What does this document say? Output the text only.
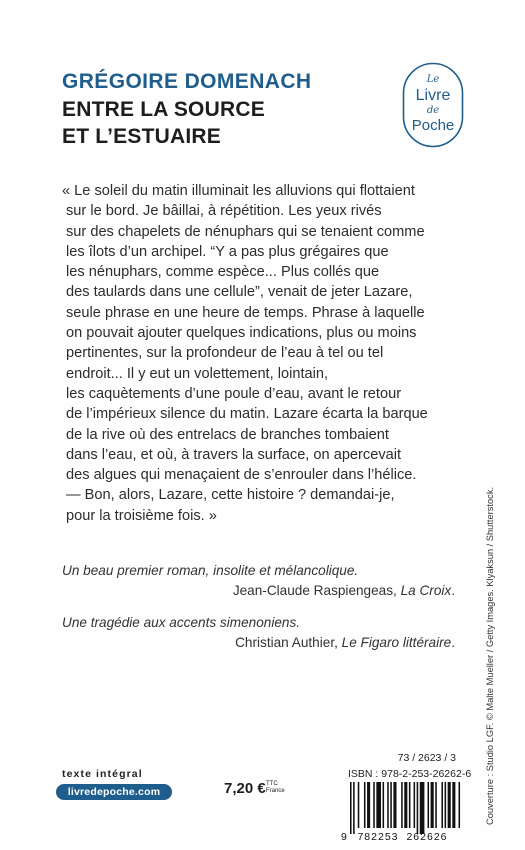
GRÉGOIRE DOMENACH
ENTRE LA SOURCE
ET L’ESTUAIRE
Le
Livre
de
Poche
« Le soleil du matin illuminait les alluvions qui flottaient
sur le bord. Je bâillai, à répétition. Les yeux rivés
sur des chapelets de nénuphars qui se tenaient comme
les îlots d’un archipel. “Y a pas plus grégaires que
les nénuphars, comme espèce... Plus collés que
des taulards dans une cellule”, venait de jeter Lazare,
seule phrase en une heure de temps. Phrase à laquelle
on pouvait ajouter quelques indications, plus ou moins
pertinentes, sur la profondeur de l’eau à tel ou tel
endroit... Il y eut un volettement, lointain,
les caquètements d’une poule d’eau, avant le retour
de l’impérieux silence du matin. Lazare écarta la barque
de la rive où des entrelacs de branches tombaient
dans l’eau, et où, à travers la surface, on apercevait
des algues qui menaçaient de s’enrouler dans l’hélice.
— Bon, alors, Lazare, cette histoire ? demandai-je,
pour la troisième fois. »
Un beau premier roman, insolite et mélancolique.
Jean-Claude Raspiengeas, La Croix.
Une tragédie aux accents simenoniens.
Christian Authier, Le Figaro littéraire.	Couverture : Studio LGF. © Malte Mueller / Getty Images. Klyaksun / Shutterstock.
texte intégral
livredepoche.com	7,20 € TTC
France
73 / 2623 / 3
ISBN : 978-2-253-26262-6
9 782253 262626
